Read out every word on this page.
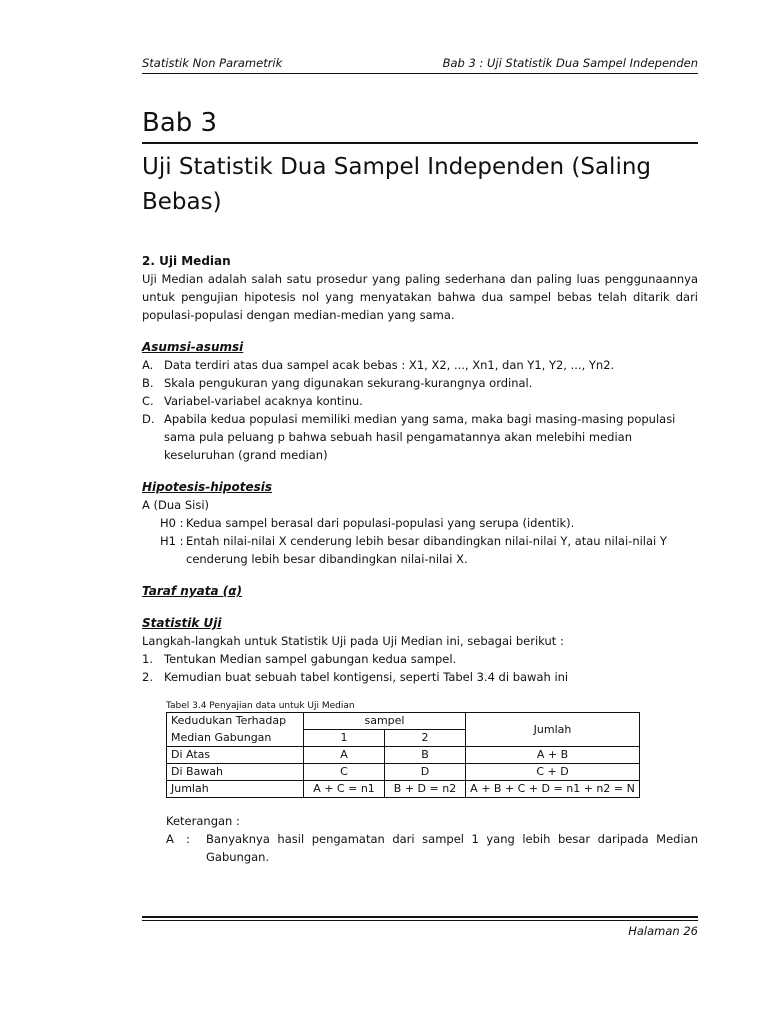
Statistik Non Parametrik	Bab 3 : Uji Statistik Dua Sampel Independen
Bab 3
Uji Statistik Dua Sampel Independen (Saling Bebas)

2. Uji Median

Uji Median adalah salah satu prosedur yang paling sederhana dan paling luas penggunaannya untuk pengujian hipotesis nol yang menyatakan bahwa dua sampel bebas telah ditarik dari populasi-populasi dengan median-median yang sama.

Asumsi-asumsi

A. Data terdiri atas dua sampel acak bebas : X1, X2, ..., Xn1, dan Y1, Y2, ..., Yn2.
B. Skala pengukuran yang digunakan sekurang-kurangnya ordinal.
C. Variabel-variabel acaknya kontinu.
D. Apabila kedua populasi memiliki median yang sama, maka bagi masing-masing populasi sama pula peluang p bahwa sebuah hasil pengamatannya akan melebihi median keseluruhan (grand median)

Hipotesis-hipotesis

A (Dua Sisi)

H0 : Kedua sampel berasal dari populasi-populasi yang serupa (identik).
H1 : Entah nilai-nilai X cenderung lebih besar dibandingkan nilai-nilai Y, atau nilai-nilai Y cenderung lebih besar dibandingkan nilai-nilai X.

Taraf nyata (α)

Statistik Uji

Langkah-langkah untuk Statistik Uji pada Uji Median ini, sebagai berikut :

1. Tentukan Median sampel gabungan kedua sampel.
2. Kemudian buat sebuah tabel kontigensi, seperti Tabel 3.4 di bawah ini
Tabel 3.4 Penyajian data untuk Uji Median
Kedudukan Terhadap	sampel		Jumlah
Median Gabungan	1	2	
Di Atas	A	B	A + B
Di Bawah	C	D	C + D
Jumlah	A + C = n1	B + D = n2	A + B + C + D = n1 + n2 = N

Keterangan :

A	:	Banyaknya hasil pengamatan dari sampel 1 yang lebih besar daripada Median Gabungan.
Halaman 26
